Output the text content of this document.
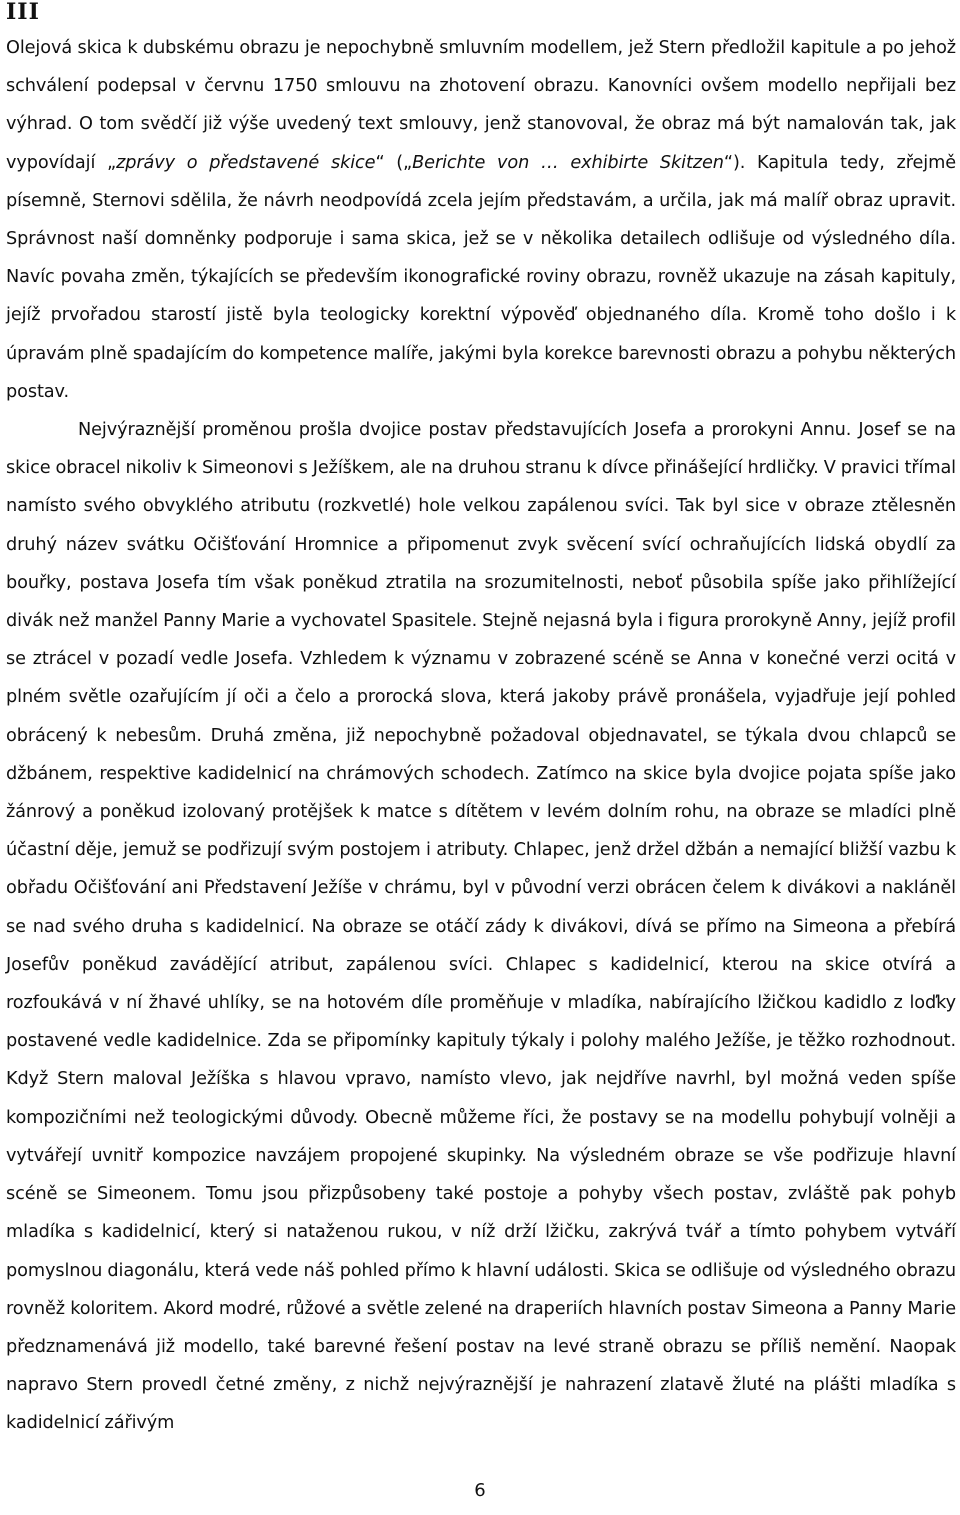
III

Olejová skica k dubskému obrazu je nepochybně smluvním modellem, jež Stern předložil kapitule a po jehož schválení podepsal v červnu 1750 smlouvu na zhotovení obrazu. Kanovníci ovšem modello nepřijali bez výhrad. O tom svědčí již výše uvedený text smlouvy, jenž stanovoval, že obraz má být namalován tak, jak vypovídají „zprávy o představené skice“ („Berichte von … exhibirte Skitzen“). Kapitula tedy, zřejmě písemně, Sternovi sdělila, že návrh neodpovídá zcela jejím představám, a určila, jak má malíř obraz upravit. Správnost naší domněnky podporuje i sama skica, jež se v několika detailech odlišuje od výsledného díla. Navíc povaha změn, týkajících se především ikonografické roviny obrazu, rovněž ukazuje na zásah kapituly, jejíž prvořadou starostí jistě byla teologicky korektní výpověď objednaného díla. Kromě toho došlo i k úpravám plně spadajícím do kompetence malíře, jakými byla korekce barevnosti obrazu a pohybu některých postav.

Nejvýraznější proměnou prošla dvojice postav představujících Josefa a prorokyni Annu. Josef se na skice obracel nikoliv k Simeonovi s Ježíškem, ale na druhou stranu k dívce přinášející hrdličky. V pravici třímal namísto svého obvyklého atributu (rozkvetlé) hole velkou zapálenou svíci. Tak byl sice v obraze ztělesněn druhý název svátku Očišťování Hromnice a připomenut zvyk svěcení svící ochraňujících lidská obydlí za bouřky, postava Josefa tím však poněkud ztratila na srozumitelnosti, neboť působila spíše jako přihlížející divák než manžel Panny Marie a vychovatel Spasitele. Stejně nejasná byla i figura prorokyně Anny, jejíž profil se ztrácel v pozadí vedle Josefa. Vzhledem k významu v zobrazené scéně se Anna v konečné verzi ocitá v plném světle ozařujícím jí oči a čelo a prorocká slova, která jakoby právě pronášela, vyjadřuje její pohled obrácený k nebesům. Druhá změna, již nepochybně požadoval objednavatel, se týkala dvou chlapců se džbánem, respektive kadidelnicí na chrámových schodech. Zatímco na skice byla dvojice pojata spíše jako žánrový a poněkud izolovaný protějšek k matce s dítětem v levém dolním rohu, na obraze se mladíci plně účastní děje, jemuž se podřizují svým postojem i atributy. Chlapec, jenž držel džbán a nemající bližší vazbu k obřadu Očišťování ani Představení Ježíše v chrámu, byl v původní verzi obrácen čelem k divákovi a nakláněl se nad svého druha s kadidelnicí. Na obraze se otáčí zády k divákovi, dívá se přímo na Simeona a přebírá Josefův poněkud zavádějící atribut, zapálenou svíci. Chlapec s kadidelnicí, kterou na skice otvírá a rozfoukává v ní žhavé uhlíky, se na hotovém díle proměňuje v mladíka, nabírajícího lžičkou kadidlo z loďky postavené vedle kadidelnice. Zda se připomínky kapituly týkaly i polohy malého Ježíše, je těžko rozhodnout. Když Stern maloval Ježíška s hlavou vpravo, namísto vlevo, jak nejdříve navrhl, byl možná veden spíše kompozičními než teologickými důvody. Obecně můžeme říci, že postavy se na modellu pohybují volněji a vytvářejí uvnitř kompozice navzájem propojené skupinky. Na výsledném obraze se vše podřizuje hlavní scéně se Simeonem. Tomu jsou přizpůsobeny také postoje a pohyby všech postav, zvláště pak pohyb mladíka s kadidelnicí, který si nataženou rukou, v níž drží lžičku, zakrývá tvář a tímto pohybem vytváří pomyslnou diagonálu, která vede náš pohled přímo k hlavní události. Skica se odlišuje od výsledného obrazu rovněž koloritem. Akord modré, růžové a světle zelené na draperiích hlavních postav Simeona a Panny Marie předznamenává již modello, také barevné řešení postav na levé straně obrazu se příliš nemění. Naopak napravo Stern provedl četné změny, z nichž nejvýraznější je nahrazení zlatavě žluté na plášti mladíka s kadidelnicí zářivým

6
